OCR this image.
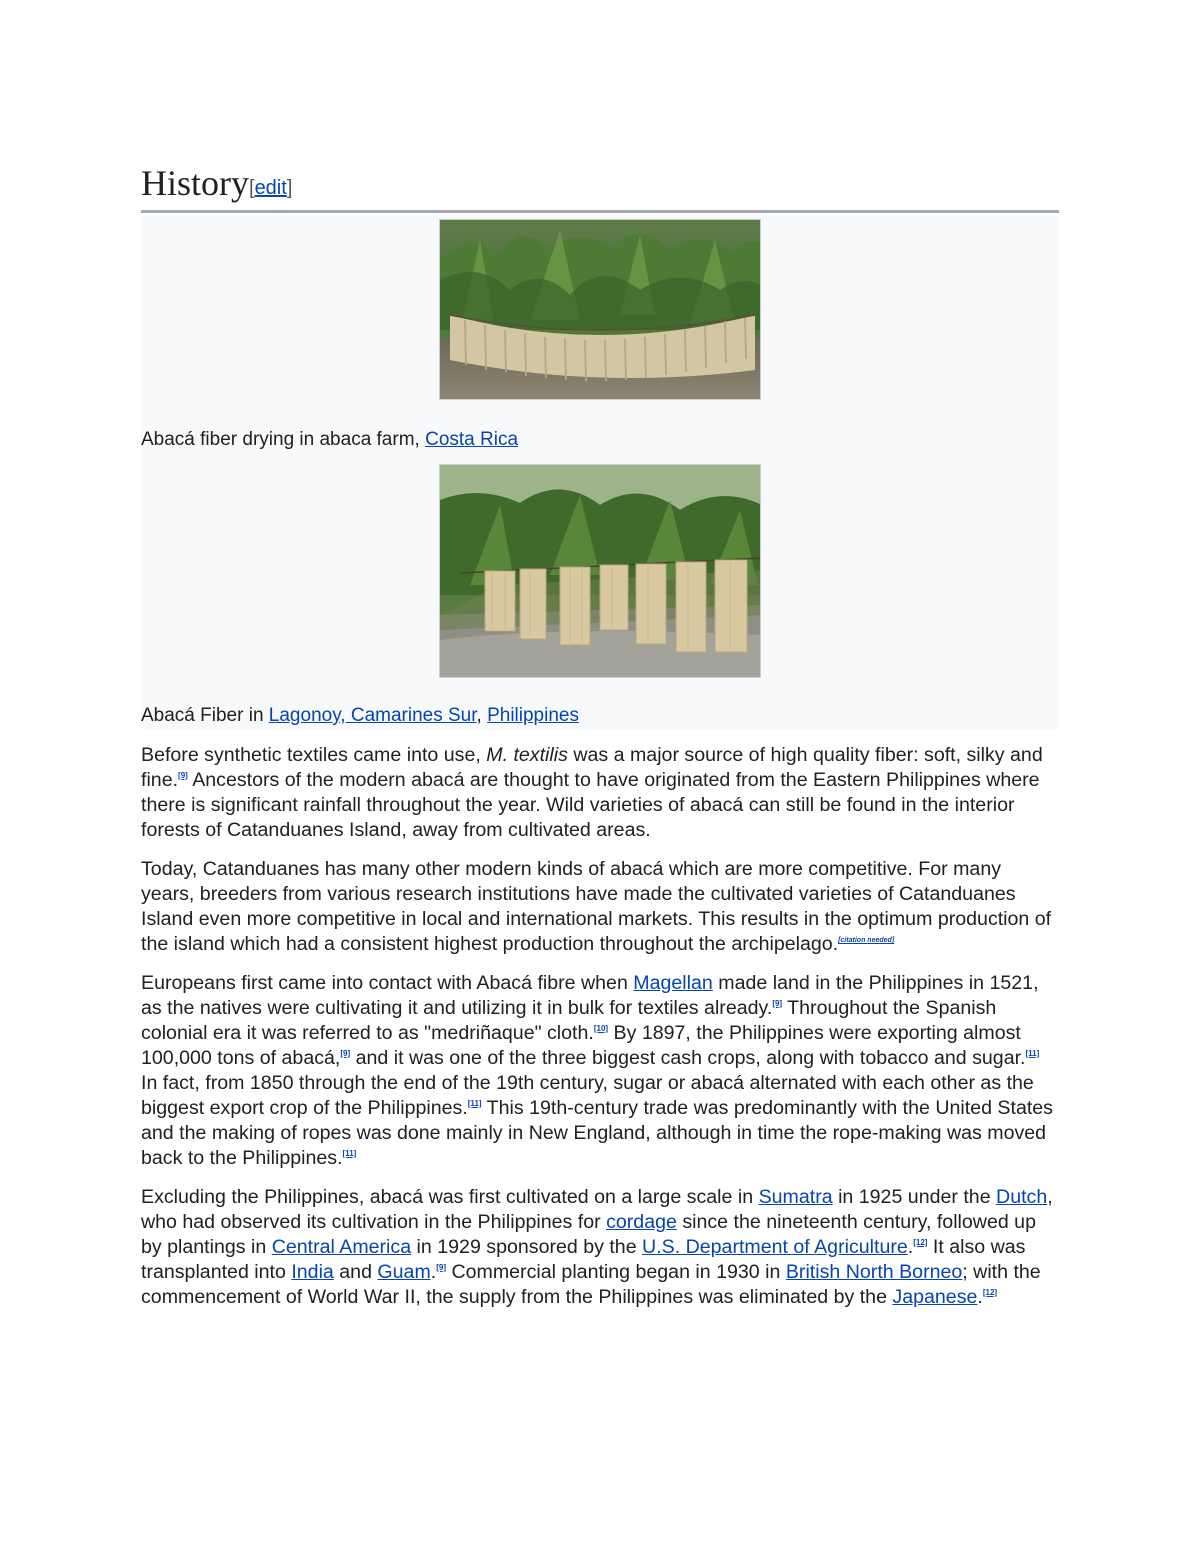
History[edit]

Abacá fiber drying in abaca farm, Costa Rica

Abacá Fiber in Lagonoy, Camarines Sur, Philippines

Before synthetic textiles came into use, M. textilis was a major source of high quality fiber: soft, silky and fine.[9] Ancestors of the modern abacá are thought to have originated from the Eastern Philippines where there is significant rainfall throughout the year. Wild varieties of abacá can still be found in the interior forests of Catanduanes Island, away from cultivated areas.

Today, Catanduanes has many other modern kinds of abacá which are more competitive. For many years, breeders from various research institutions have made the cultivated varieties of Catanduanes Island even more competitive in local and international markets. This results in the optimum production of the island which had a consistent highest production throughout the archipelago.[citation needed]

Europeans first came into contact with Abacá fibre when Magellan made land in the Philippines in 1521, as the natives were cultivating it and utilizing it in bulk for textiles already.[9] Throughout the Spanish colonial era it was referred to as "medriñaque" cloth.[10] By 1897, the Philippines were exporting almost 100,000 tons of abacá,[9] and it was one of the three biggest cash crops, along with tobacco and sugar.[11] In fact, from 1850 through the end of the 19th century, sugar or abacá alternated with each other as the biggest export crop of the Philippines.[11] This 19th-century trade was predominantly with the United States and the making of ropes was done mainly in New England, although in time the rope-making was moved back to the Philippines.[11]

Excluding the Philippines, abacá was first cultivated on a large scale in Sumatra in 1925 under the Dutch, who had observed its cultivation in the Philippines for cordage since the nineteenth century, followed up by plantings in Central America in 1929 sponsored by the U.S. Department of Agriculture.[12] It also was transplanted into India and Guam.[9] Commercial planting began in 1930 in British North Borneo; with the commencement of World War II, the supply from the Philippines was eliminated by the Japanese.[12]
